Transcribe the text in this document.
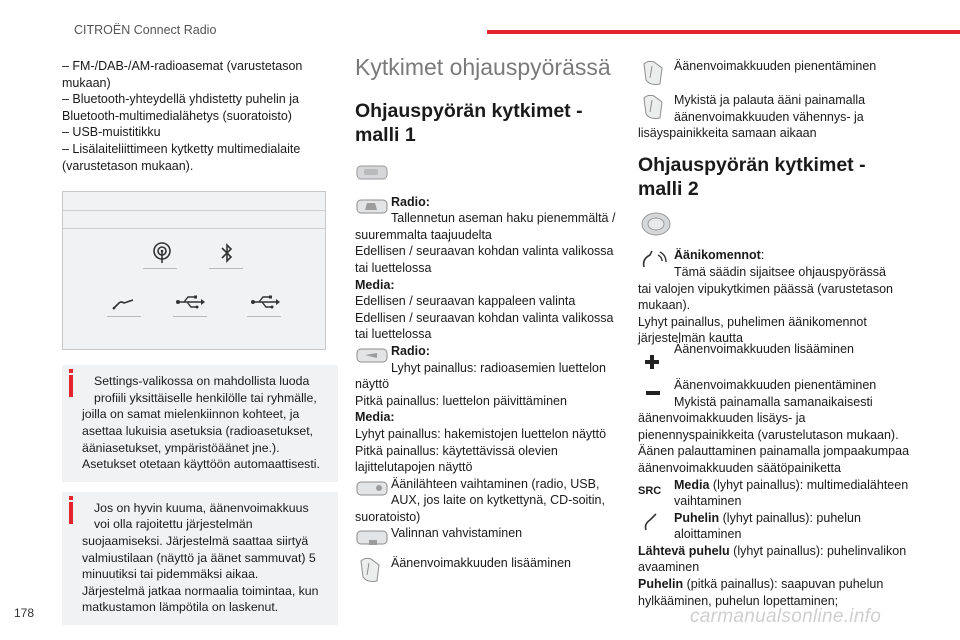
CITROËN Connect Radio

– FM-/DAB-/AM-radioasemat (varustetason

mukaan)

– Bluetooth-yhteydellä yhdistetty puhelin ja

Bluetooth-multimedialähetys (suoratoisto)

– USB-muistitikku

– Lisälaiteliittimeen kytketty multimedialaite

(varustetason mukaan).

Settings-valikossa on mahdollista luoda

profiili yksittäiselle henkilölle tai ryhmälle,

joilla on samat mielenkiinnon kohteet, ja

asettaa lukuisia asetuksia (radioasetukset,

ääniasetukset, ympäristöäänet jne.).

Asetukset otetaan käyttöön automaattisesti.

Jos on hyvin kuuma, äänenvoimakkuus

voi olla rajoitettu järjestelmän

suojaamiseksi. Järjestelmä saattaa siirtyä

valmiustilaan (näyttö ja äänet sammuvat) 5

minuutiksi tai pidemmäksi aikaa.

Järjestelmä jatkaa normaalia toimintaa, kun

matkustamon lämpötila on laskenut.

Kytkimet ohjauspyörässä
Ohjauspyörän kytkimet -
malli 1

Radio:

Tallennetun aseman haku pienemmältä /

suuremmalta taajuudelta

Edellisen / seuraavan kohdan valinta valikossa

tai luettelossa

Media:

Edellisen / seuraavan kappaleen valinta

Edellisen / seuraavan kohdan valinta valikossa

tai luettelossa

Radio:

Lyhyt painallus: radioasemien luettelon

näyttö

Pitkä painallus: luettelon päivittäminen

Media:

Lyhyt painallus: hakemistojen luettelon näyttö

Pitkä painallus: käytettävissä olevien

lajittelutapojen näyttö

Äänilähteen vaihtaminen (radio, USB,

AUX, jos laite on kytkettynä, CD-soitin,

suoratoisto)

Valinnan vahvistaminen

Äänenvoimakkuuden lisääminen

Äänenvoimakkuuden pienentäminen

Mykistä ja palauta ääni painamalla

äänenvoimakkuuden vähennys- ja

lisäyspainikkeita samaan aikaan

Ohjauspyörän kytkimet -
malli 2

Äänikomennot:

Tämä säädin sijaitsee ohjauspyörässä

tai valojen vipukytkimen päässä (varustetason

mukaan).

Lyhyt painallus, puhelimen äänikomennot

järjestelmän kautta

Äänenvoimakkuuden lisääminen

Äänenvoimakkuuden pienentäminen

Mykistä painamalla samanaikaisesti

äänenvoimakkuuden lisäys- ja

pienennyspainikkeita (varustelutason mukaan).

Äänen palauttaminen painamalla jompaakumpaa

äänenvoimakkuuden säätöpainiketta

SRC	Media (lyhyt painallus): multimedialähteen

vaihtaminen

Puhelin (lyhyt painallus): puhelun

aloittaminen

Lähtevä puhelu (lyhyt painallus): puhelinvalikon

avaaminen

Puhelin (pitkä painallus): saapuvan puhelun

hylkääminen, puhelun lopettaminen;

178	carmanualsonline.info
